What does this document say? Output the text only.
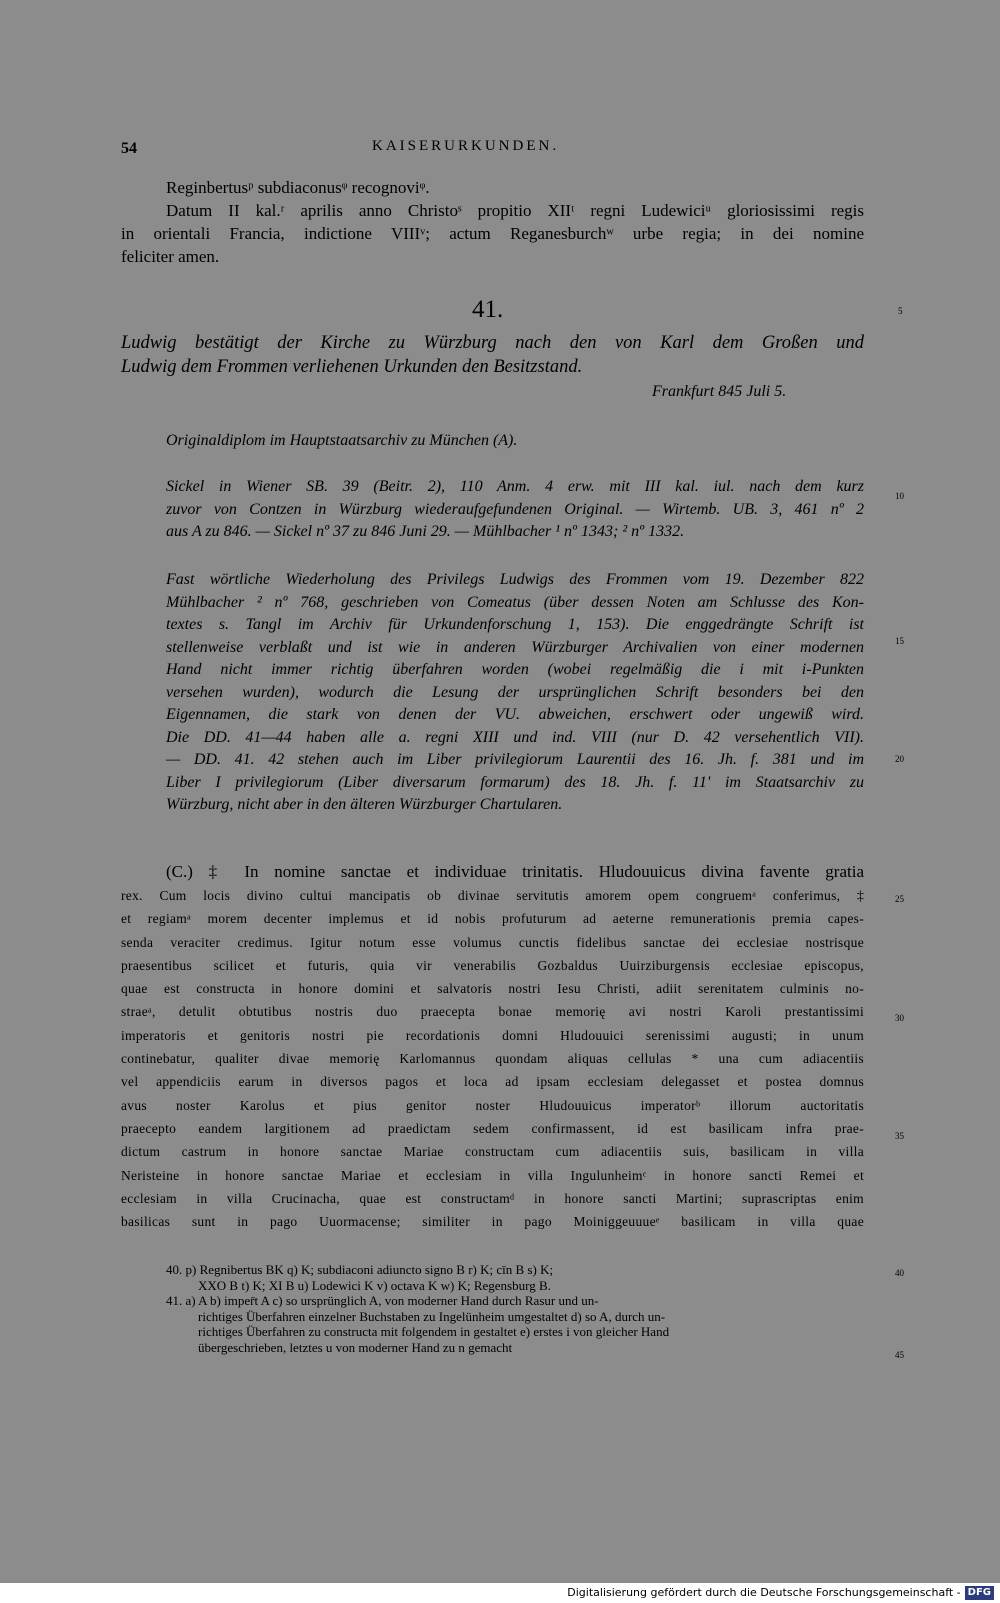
54	KAISERURKUNDEN.
Reginbertusᵖ subdiaconusᵠ recognoviᵠ.
Datum II kal.ʳ aprilis anno Christoˢ propitio XIIᵗ regni Ludewiciᵘ gloriosissimi regis
in orientali Francia, indictione VIIIᵛ; actum Reganesburchʷ urbe regia; in dei nomine
feliciter amen.
41.
Ludwig bestätigt der Kirche zu Würzburg nach den von Karl dem Großen und
Ludwig dem Frommen verliehenen Urkunden den Besitzstand.
Frankfurt 845 Juli 5.
Originaldiplom im Hauptstaatsarchiv zu München (A).
Sickel in Wiener SB. 39 (Beitr. 2), 110 Anm. 4 erw. mit III kal. iul. nach dem kurz
zuvor von Contzen in Würzburg wiederaufgefundenen Original. — Wirtemb. UB. 3, 461 nº 2
aus A zu 846. — Sickel nº 37 zu 846 Juni 29. — Mühlbacher ¹ nº 1343; ² nº 1332.
Fast wörtliche Wiederholung des Privilegs Ludwigs des Frommen vom 19. Dezember 822
Mühlbacher ² nº 768, geschrieben von Comeatus (über dessen Noten am Schlusse des Kon-
textes s. Tangl im Archiv für Urkundenforschung 1, 153). Die enggedrängte Schrift ist
stellenweise verblaßt und ist wie in anderen Würzburger Archivalien von einer modernen
Hand nicht immer richtig überfahren worden (wobei regelmäßig die i mit i-Punkten
versehen wurden), wodurch die Lesung der ursprünglichen Schrift besonders bei den
Eigennamen, die stark von denen der VU. abweichen, erschwert oder ungewiß wird.
Die DD. 41—44 haben alle a. regni XIII und ind. VIII (nur D. 42 versehentlich VII).
— DD. 41. 42 stehen auch im Liber privilegiorum Laurentii des 16. Jh. f. 381 und im
Liber I privilegiorum (Liber diversarum formarum) des 18. Jh. f. 11' im Staatsarchiv zu
Würzburg, nicht aber in den älteren Würzburger Chartularen.
(C.) ‡ In nomine sanctae et individuae trinitatis. Hludouuicus divina favente gratia
rex. Cum locis divino cultui mancipatis ob divinae servitutis amorem opem congruemᵃ conferimus, ‡
et regiamᵃ morem decenter implemus et id nobis profuturum ad aeterne remunerationis premia capes-
senda veraciter credimus. Igitur notum esse volumus cunctis fidelibus sanctae dei ecclesiae nostrisque
praesentibus scilicet et futuris, quia vir venerabilis Gozbaldus Uuirziburgensis ecclesiae episcopus,
quae est constructa in honore domini et salvatoris nostri Iesu Christi, adiit serenitatem culminis no-
straeᵃ, detulit obtutibus nostris duo praecepta bonae memorię avi nostri Karoli prestantissimi
imperatoris et genitoris nostri pie recordationis domni Hludouuici serenissimi augusti; in unum
continebatur, qualiter divae memorię Karlomannus quondam aliquas cellulas * una cum adiacentiis
vel appendiciis earum in diversos pagos et loca ad ipsam ecclesiam delegasset et postea domnus
avus noster Karolus et pius genitor noster Hludouuicus imperatorᵇ illorum auctoritatis
praecepto eandem largitionem ad praedictam sedem confirmassent, id est basilicam infra prae-
dictum castrum in honore sanctae Mariae constructam cum adiacentiis suis, basilicam in villa
Neristeine in honore sanctae Mariae et ecclesiam in villa Ingulunheimᶜ in honore sancti Remei et
ecclesiam in villa Crucinacha, quae est constructamᵈ in honore sancti Martini; suprascriptas enim
basilicas sunt in pago Uuormacense; similiter in pago Moiniggeuuueᵉ basilicam in villa quae
40. p) Regnibertus BK q) K; subdiaconi adiuncto signo B r) K; cīn B s) K;
XXO B t) K; XI B u) Lodewici K v) octava K w) K; Regensburg B.
41. a) A b) imper̄t A c) so ursprünglich A, von moderner Hand durch Rasur und un-
richtiges Überfahren einzelner Buchstaben zu Ingelünheim umgestaltet d) so A, durch un-
richtiges Überfahren zu constructa mit folgendem in gestaltet e) erstes i von gleicher Hand
übergeschrieben, letztes u von moderner Hand zu n gemacht
5
10
15
20
25
30
35
40
45
Digitalisierung gefördert durch die Deutsche Forschungsgemeinschaft - DFG
